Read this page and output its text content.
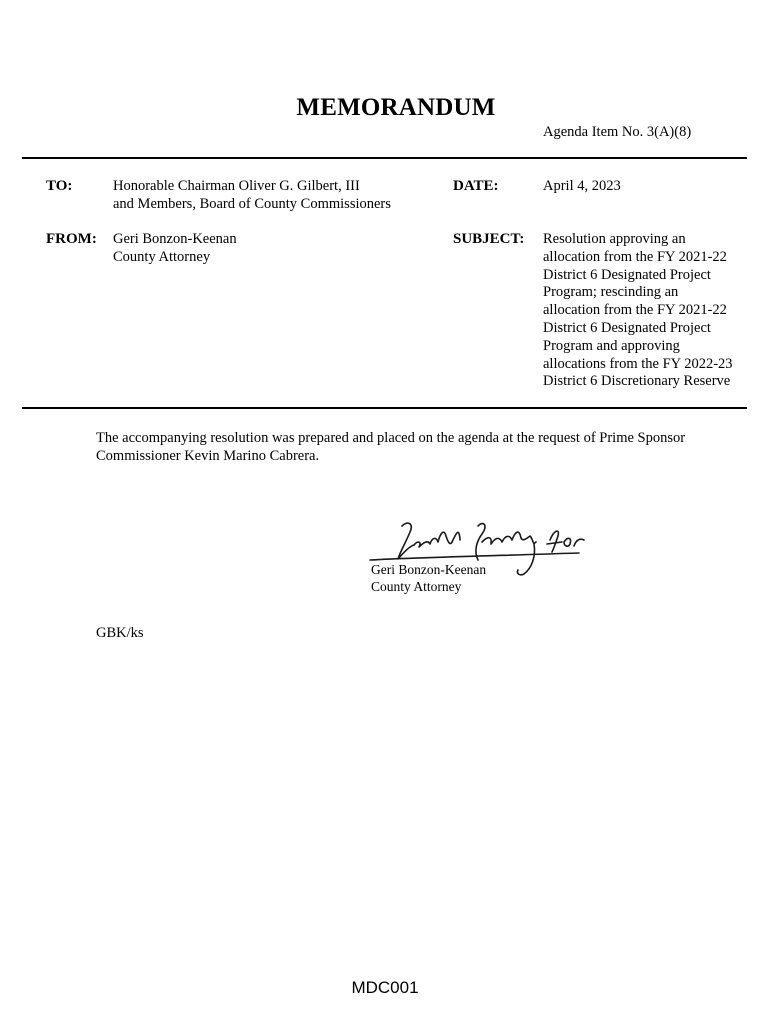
MEMORANDUM
Agenda Item No. 3(A)(8)
TO:	Honorable Chairman Oliver G. Gilbert, III
and Members, Board of County Commissioners
DATE:	April 4, 2023
FROM: Geri Bonzon-Keenan
County Attorney
SUBJECT: Resolution approving an
allocation from the FY 2021-22
District 6 Designated Project
Program; rescinding an
allocation from the FY 2021-22
District 6 Designated Project
Program and approving
allocations from the FY 2022-23
District 6 Discretionary Reserve
The accompanying resolution was prepared and placed on the agenda at the request of Prime Sponsor
Commissioner Kevin Marino Cabrera.
Geri Bonzon-Keenan
County Attorney
GBK/ks
MDC001
